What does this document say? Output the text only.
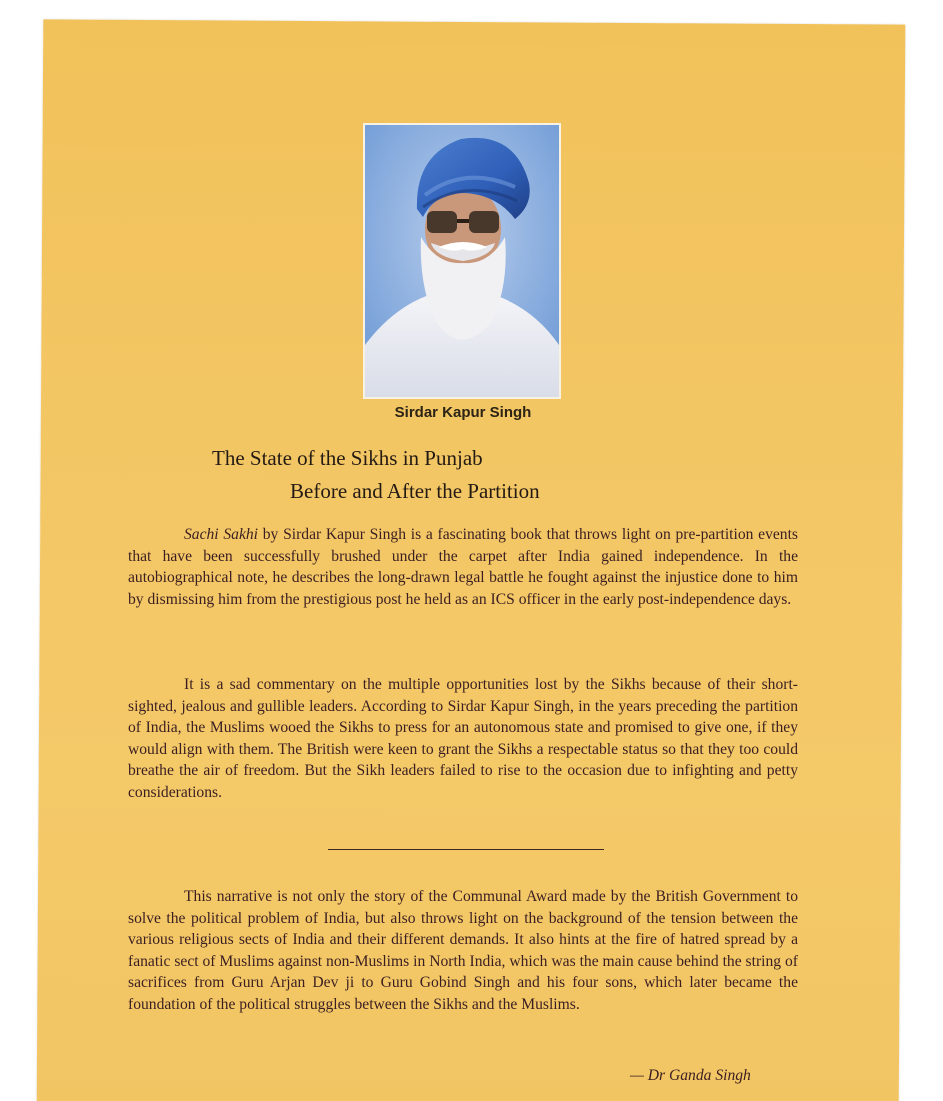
Sirdar Kapur Singh
The State of the Sikhs in Punjab
Before and After the Partition

Sachi Sakhi by Sirdar Kapur Singh is a fascinating book that throws light on pre-partition events that have been successfully brushed under the carpet after India gained independence. In the autobiographical note, he describes the long-drawn legal battle he fought against the injustice done to him by dismissing him from the prestigious post he held as an ICS officer in the early post-independence days.

It is a sad commentary on the multiple opportunities lost by the Sikhs because of their short-sighted, jealous and gullible leaders. According to Sirdar Kapur Singh, in the years preceding the partition of India, the Muslims wooed the Sikhs to press for an autonomous state and promised to give one, if they would align with them. The British were keen to grant the Sikhs a respectable status so that they too could breathe the air of freedom. But the Sikh leaders failed to rise to the occasion due to infighting and petty considerations.

This narrative is not only the story of the Communal Award made by the British Government to solve the political problem of India, but also throws light on the background of the tension between the various religious sects of India and their different demands. It also hints at the fire of hatred spread by a fanatic sect of Muslims against non-Muslims in North India, which was the main cause behind the string of sacrifices from Guru Arjan Dev ji to Guru Gobind Singh and his four sons, which later became the foundation of the political struggles between the Sikhs and the Muslims.

— Dr Ganda Singh
